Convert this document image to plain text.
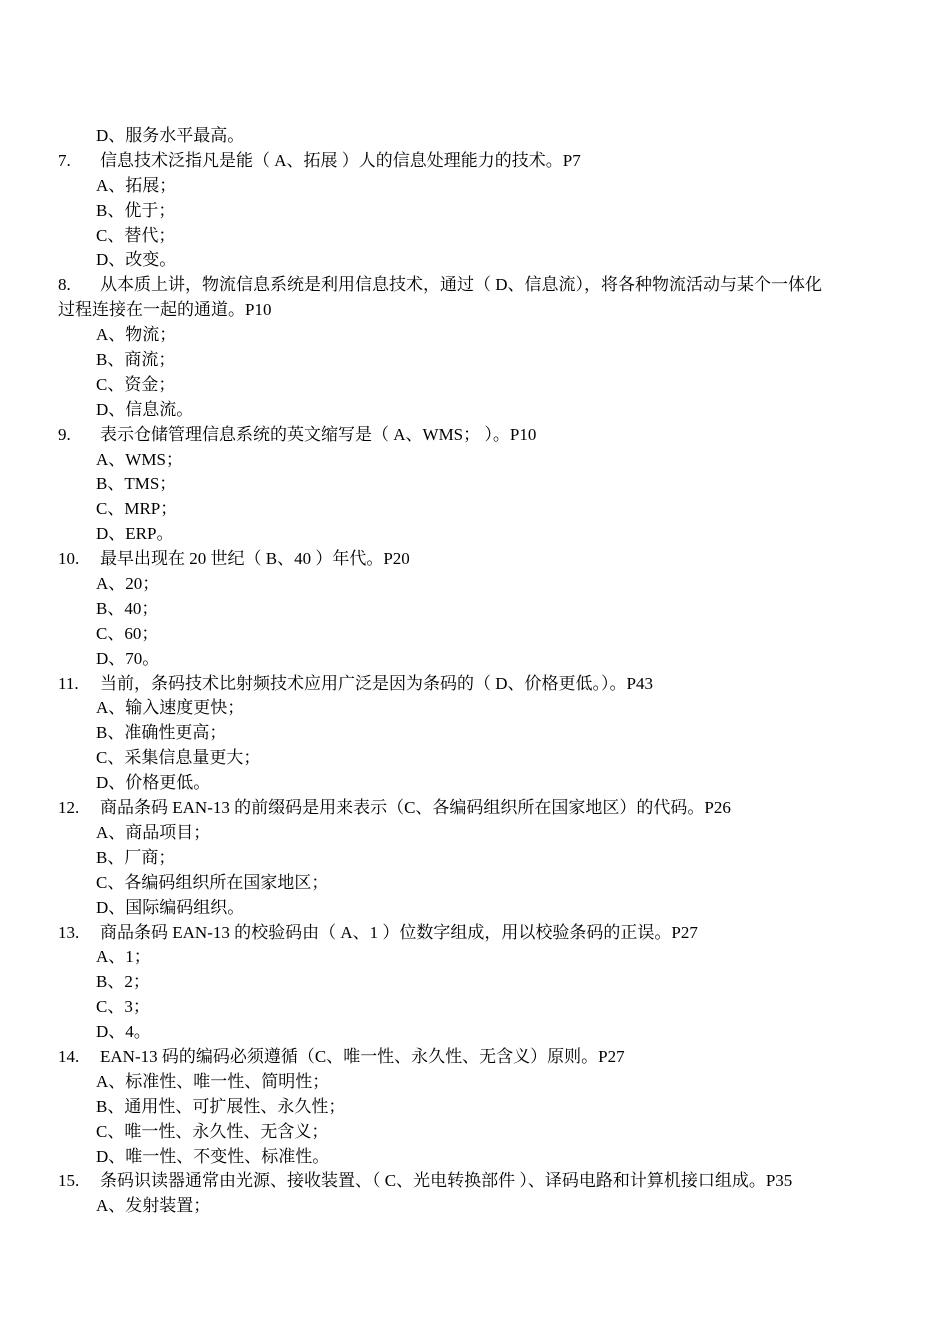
D、服务水平最高。
7.	信息技术泛指凡是能（ A、拓展 ）人的信息处理能力的技术。P7
A、拓展；
B、优于；
C、替代；
D、改变。
8.	从本质上讲，物流信息系统是利用信息技术，通过（ D、信息流），将各种物流活动与某个一体化
过程连接在一起的通道。P10
A、物流；
B、商流；
C、资金；
D、信息流。
9.	表示仓储管理信息系统的英文缩写是（ A、WMS； ）。P10
A、WMS；
B、TMS；
C、MRP；
D、ERP。
10.	最早出现在 20 世纪（ B、40 ）年代。P20
A、20；
B、40；
C、60；
D、70。
11.	当前，条码技术比射频技术应用广泛是因为条码的（ D、价格更低。）。P43
A、输入速度更快；
B、准确性更高；
C、采集信息量更大；
D、价格更低。
12.	商品条码 EAN-13 的前缀码是用来表示（C、各编码组织所在国家地区）的代码。P26
A、商品项目；
B、厂商；
C、各编码组织所在国家地区；
D、国际编码组织。
13.	商品条码 EAN-13 的校验码由（ A、1 ）位数字组成，用以校验条码的正误。P27
A、1；
B、2；
C、3；
D、4。
14.	EAN-13 码的编码必须遵循（C、唯一性、永久性、无含义）原则。P27
A、标准性、唯一性、简明性；
B、通用性、可扩展性、永久性；
C、唯一性、永久性、无含义；
D、唯一性、不变性、标准性。
15.	条码识读器通常由光源、接收装置、（ C、光电转换部件 ）、译码电路和计算机接口组成。P35
A、发射装置；
